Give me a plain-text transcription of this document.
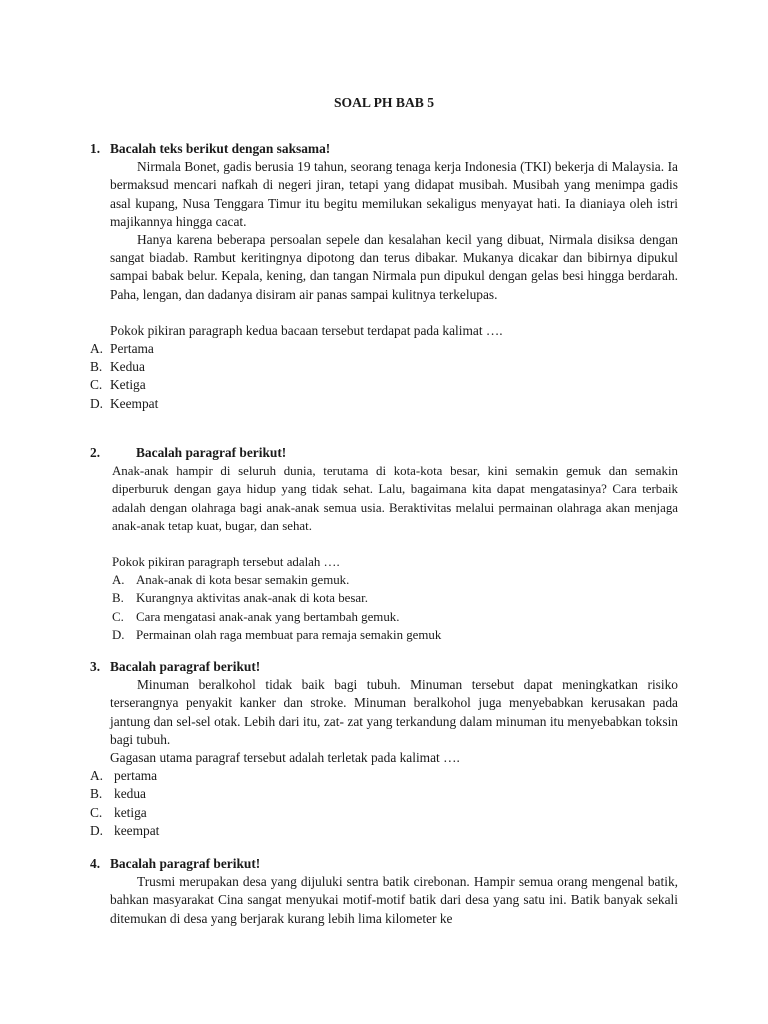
SOAL PH BAB 5
1. Bacalah teks berikut dengan saksama!
Nirmala Bonet, gadis berusia 19 tahun, seorang tenaga kerja Indonesia (TKI) bekerja di Malaysia. Ia bermaksud mencari nafkah di negeri jiran, tetapi yang didapat musibah. Musibah yang menimpa gadis asal kupang, Nusa Tenggara Timur itu begitu memilukan sekaligus menyayat hati. Ia dianiaya oleh istri majikannya hingga cacat.
Hanya karena beberapa persoalan sepele dan kesalahan kecil yang dibuat, Nirmala disiksa dengan sangat biadab. Rambut keritingnya dipotong dan terus dibakar. Mukanya dicakar dan bibirnya dipukul sampai babak belur. Kepala, kening, dan tangan Nirmala pun dipukul dengan gelas besi hingga berdarah. Paha, lengan, dan dadanya disiram air panas sampai kulitnya terkelupas.
Pokok pikiran paragraph kedua bacaan tersebut terdapat pada kalimat ….
A. Pertama
B. Kedua
C. Ketiga
D. Keempat
2.	Bacalah paragraf berikut!
Anak-anak hampir di seluruh dunia, terutama di kota-kota besar, kini semakin gemuk dan semakin diperburuk dengan gaya hidup yang tidak sehat. Lalu, bagaimana kita dapat mengatasinya? Cara terbaik adalah dengan olahraga bagi anak-anak semua usia. Beraktivitas melalui permainan olahraga akan menjaga anak-anak tetap kuat, bugar, dan sehat.
Pokok pikiran paragraph tersebut adalah ….
A. Anak-anak di kota besar semakin gemuk.
B. Kurangnya aktivitas anak-anak di kota besar.
C. Cara mengatasi anak-anak yang bertambah gemuk.
D. Permainan olah raga membuat para remaja semakin gemuk
3. Bacalah paragraf berikut!
Minuman beralkohol tidak baik bagi tubuh. Minuman tersebut dapat meningkatkan risiko terserangnya penyakit kanker dan stroke. Minuman beralkohol juga menyebabkan kerusakan pada jantung dan sel-sel otak. Lebih dari itu, zat- zat yang terkandung dalam minuman itu menyebabkan toksin bagi tubuh.
Gagasan utama paragraf tersebut adalah terletak pada kalimat ….
A. pertama
B. kedua
C. ketiga
D. keempat
4. Bacalah paragraf berikut!
Trusmi merupakan desa yang dijuluki sentra batik cirebonan. Hampir semua orang mengenal batik, bahkan masyarakat Cina sangat menyukai motif-motif batik dari desa yang satu ini. Batik banyak sekali ditemukan di desa yang berjarak kurang lebih lima kilometer ke
